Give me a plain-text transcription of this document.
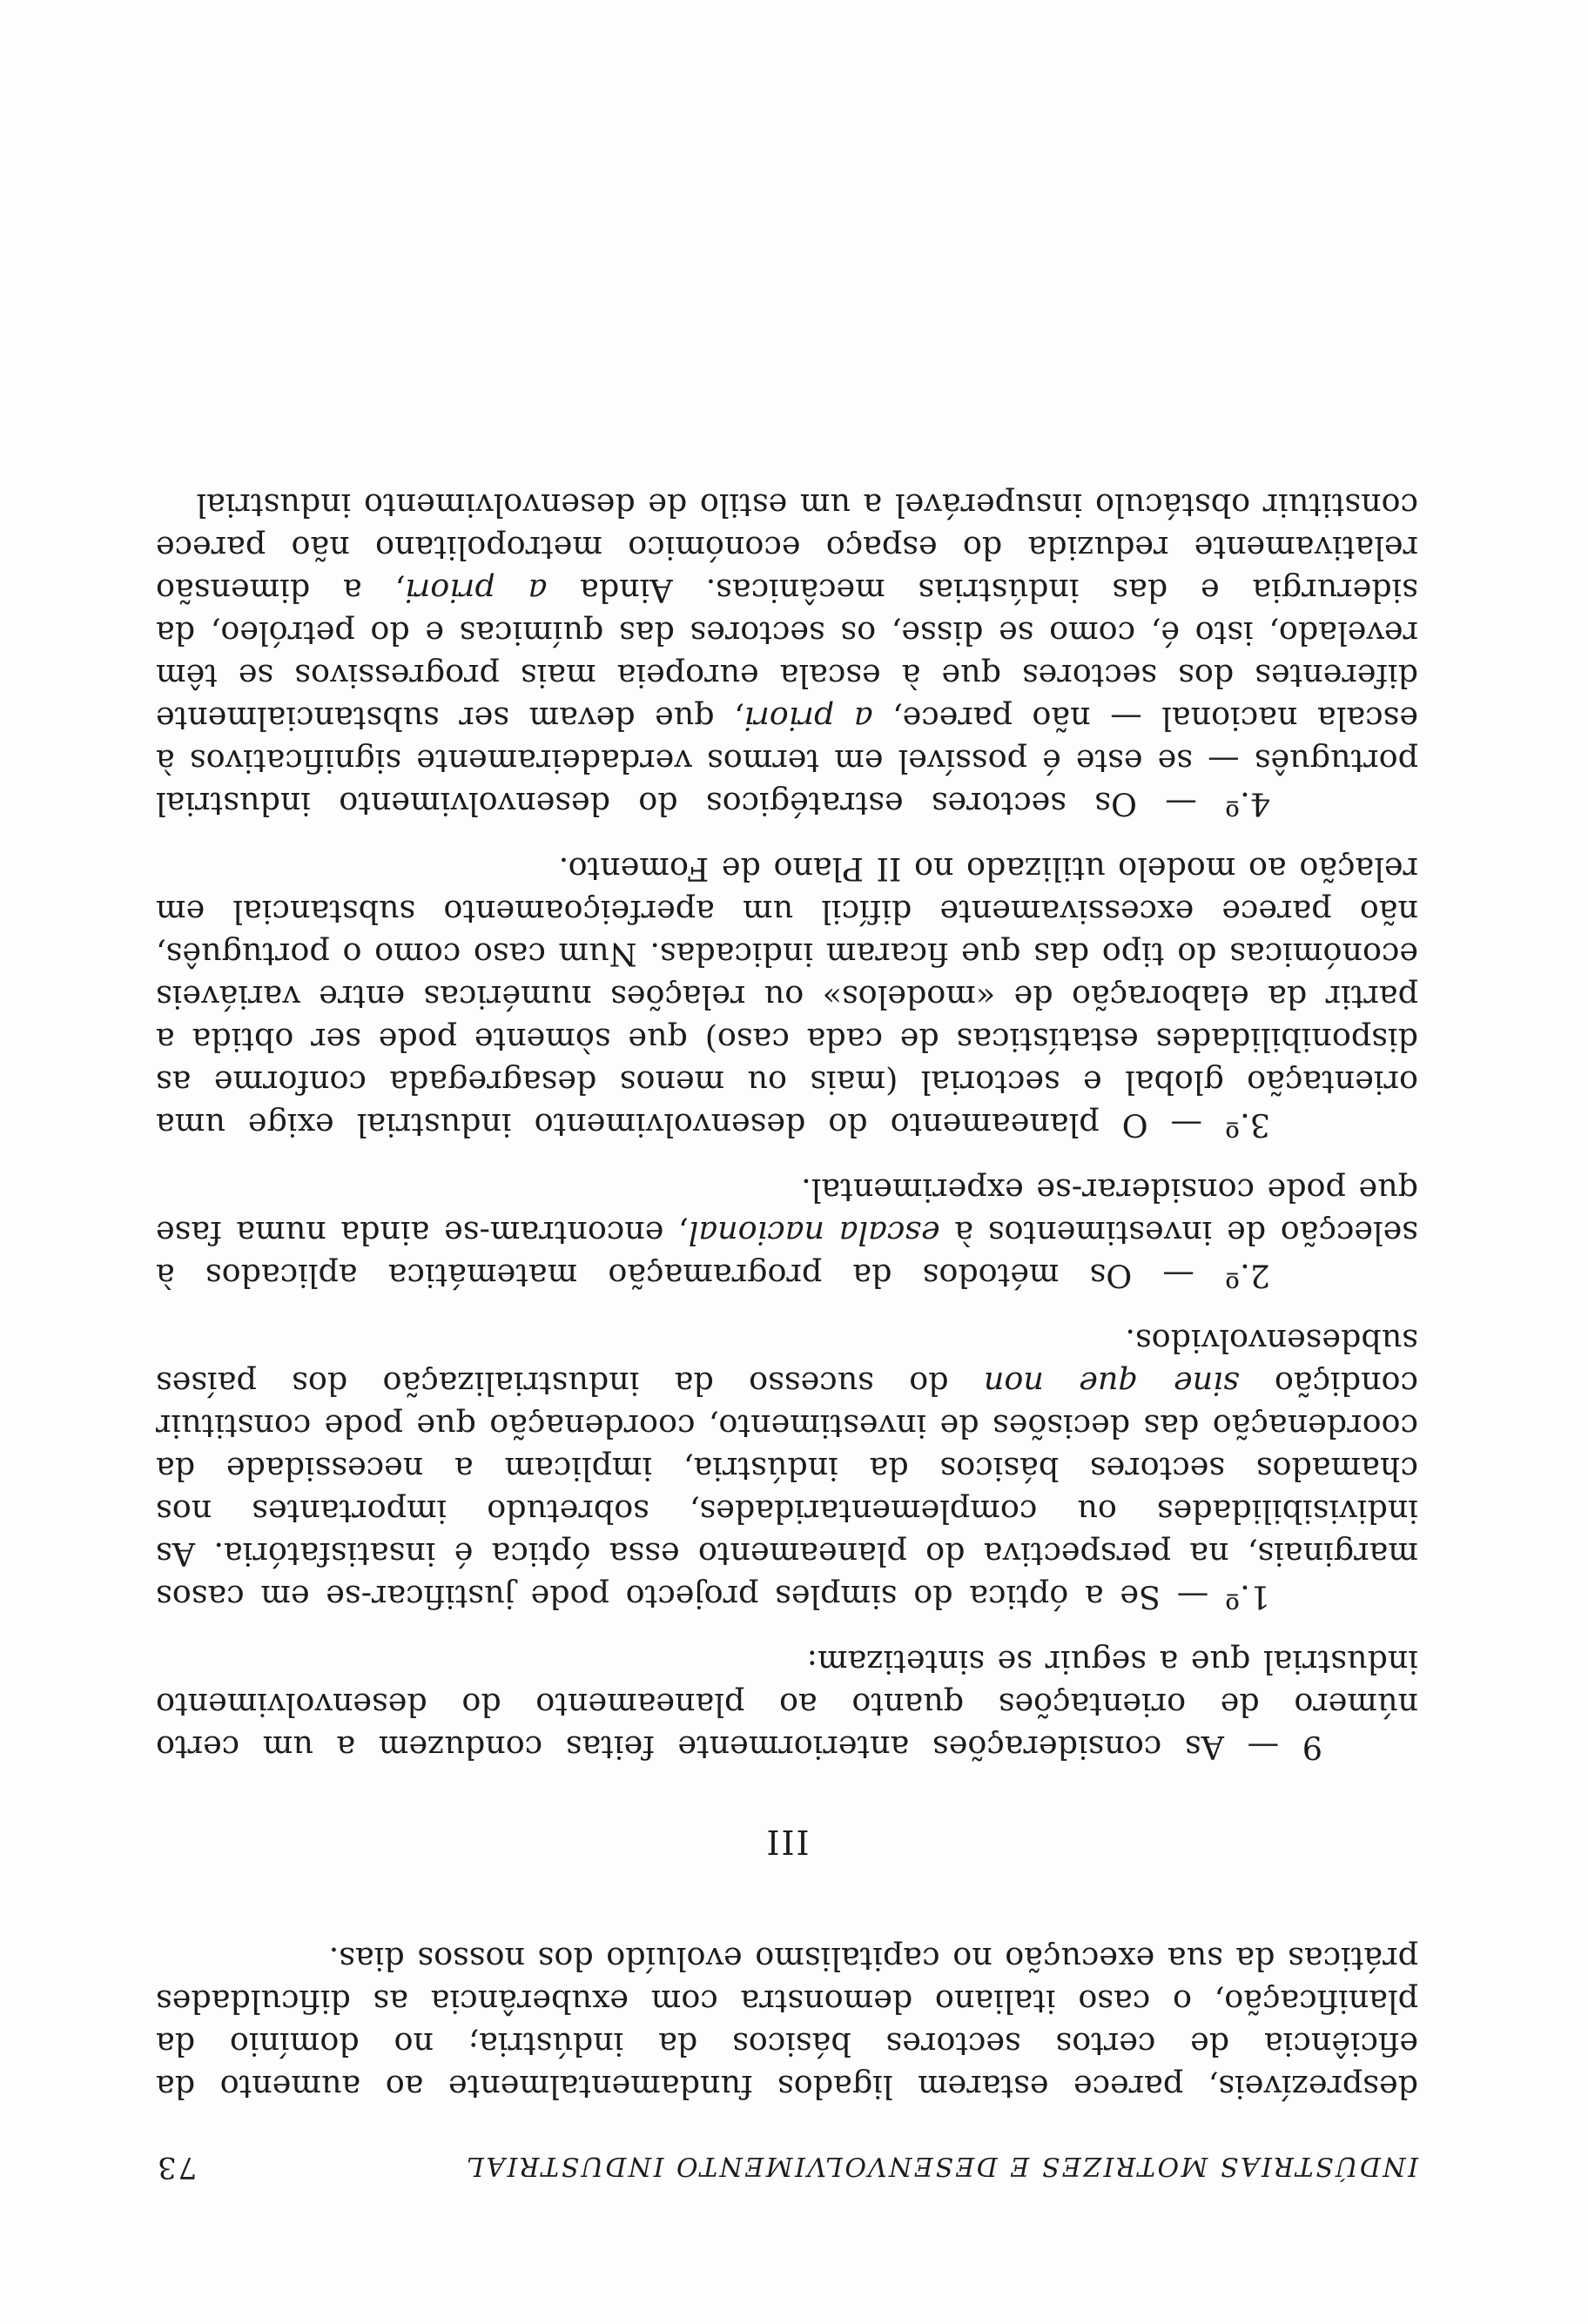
INDÚSTRIAS MOTRIZES E DESENVOLVIMENTO INDUSTRIAL
73

desprezíveis, parece estarem ligados fundamentalmente ao aumento da eficiência de certos sectores básicos da indústria; no domínio da planificação, o caso italiano demonstra com exuberância as dificuldades práticas da sua execução no capitalismo evoluído dos nossos dias.

III

9 — As considerações anteriormente feitas conduzem a um certo número de orientações quanto ao planeamento do desenvolvimento industrial que a seguir se sintetizam:

1.º — Se a óptica do simples projecto pode justificar-se em casos marginais, na perspectiva do planeamento essa óptica é insatisfatória. As indivisibilidades ou complementaridades, sobretudo importantes nos chamados sectores básicos da indústria, implicam a necessidade da coordenação das decisões de investimento, coordenação que pode constituir condição sine que non do sucesso da industrialização dos países subdesenvolvidos.

2.º — Os métodos da programação matemática aplicados à selecção de investimentos à escala nacional, encontram-se ainda numa fase que pode considerar-se experimental.

3.º — O planeamento do desenvolvimento industrial exige uma orientação global e sectorial (mais ou menos desagregada conforme as disponibilidades estatísticas de cada caso) que sòmente pode ser obtida a partir da elaboração de «modelos» ou relações numéricas entre variáveis económicas do tipo das que ficaram indicadas. Num caso como o português, não parece excessivamente difícil um aperfeiçoamento substancial em relação ao modelo utilizado no II Plano de Fomento.

4.º — Os sectores estratégicos do desenvolvimento industrial português — se este é possível em termos verdadeiramente significativos à escala nacional — não parece, a priori, que devam ser substancialmente diferentes dos sectores que à escala europeia mais progressivos se têm revelado, isto é, como se disse, os sectores das químicas e do petróleo, da siderurgia e das indústrias mecânicas. Ainda a priori, a dimensão relativamente reduzida do espaço económico metropolitano não parece constituir obstáculo insuperável a um estilo de desenvolvimento industrial
